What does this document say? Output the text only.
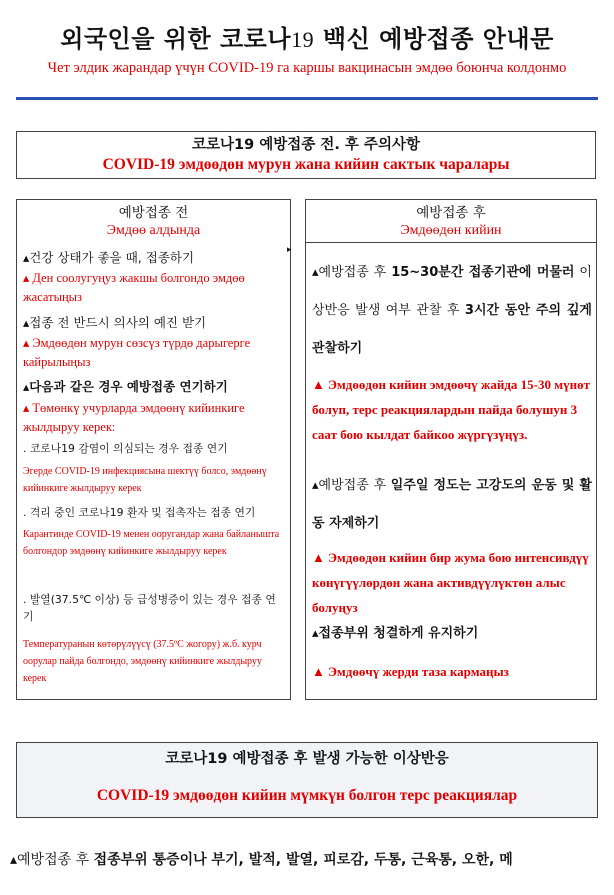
외국인을 위한 코로나19 백신 예방접종 안내문
Чет элдик жарандар үчүн COVID-19 га каршы вакцинасын эмдөө боюнча колдонмо
코로나19 예방접종 전. 후 주의사항
COVID-19 эмдөөдөн мурун жана кийин сактык чаралары
예방접종 전
Эмдөө алдында
▴건강 상태가 좋을 때, 접종하기
▴ Ден соолугуңуз жакшы болгондо эмдөө жасатыңыз
▴접종 전 반드시 의사의 예진 받기
▴ Эмдөөдөн мурун сөзсүз түрдө дарыгерге кайрылыңыз
▴다음과 같은 경우 예방접종 연기하기
▴ Төмөнкү учурларда эмдөөнү кийинкиге жылдыруу керек:
. 코로나19 감염이 의심되는 경우 접종 연기
Эгерде COVID-19 инфекциясына шектүү болсо, эмдөөнү кийинкиге жылдыруу керек
. 격리 중인 코로나19 환자 및 접촉자는 접종 연기
Карантинде COVID-19 менен ооругандар жана байланышта болгондор эмдөөнү кийинкиге жылдыруу керек
. 발열(37.5℃ 이상) 등 급성병증이 있는 경우 접종 연기
Температуранын көтөрүлүүсү (37.5ºС жогору) ж.б. курч оорулар пайда болгондо, эмдөөнү кийинкиге жылдыруу керек
▸
예방접종 후
Эмдөөдөн кийин
▴예방접종 후 15~30분간 접종기관에 머물러 이상반응 발생 여부 관찰 후 3시간 동안 주의 깊게 관찰하기
▲ Эмдөөдөн кийин эмдөөчү жайда 15-30 мүнөт болуп, терс реакциялардын пайда болушун 3 саат бою кылдат байкоо жүргүзүңүз.
▴예방접종 후 일주일 정도는 고강도의 운동 및 활동 자제하기
▲ Эмдөөдөн кийин бир жума бою интенсивдүү көнүгүүлөрдөн жана активдүүлүктөн алыс болуңуз
▴접종부위 청결하게 유지하기
▲ Эмдөөчү жерди таза кармаңыз
코로나19 예방접종 후 발생 가능한 이상반응
COVID-19 эмдөөдөн кийин мүмкүн болгон терс реакциялар
▴예방접종 후 접종부위 통증이나 부기, 발적, 발열, 피로감, 두통, 근육통, 오한, 메
